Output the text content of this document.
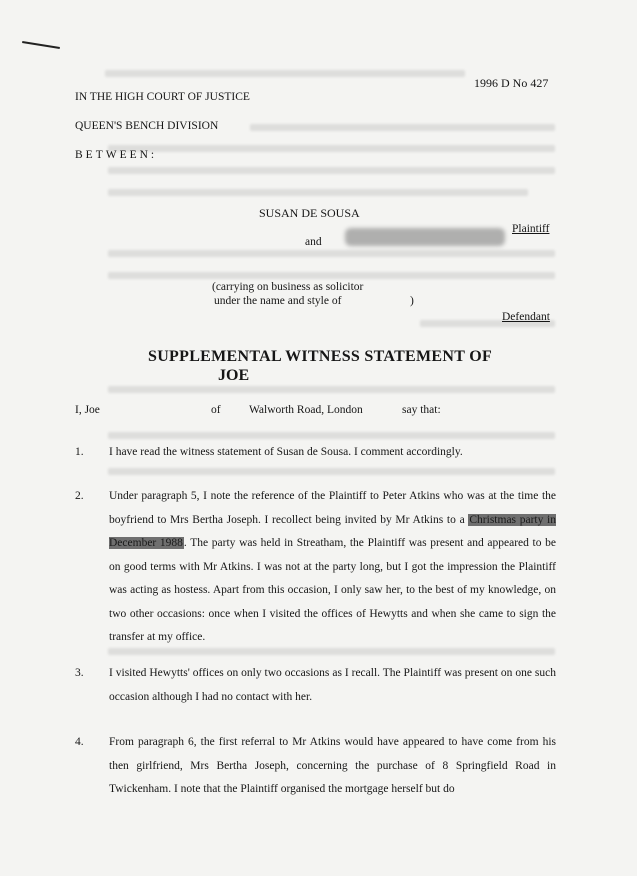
1996 D No 427
IN THE HIGH COURT OF JUSTICE
QUEEN'S BENCH DIVISION
BETWEEN:
SUSAN DE SOUSA
Plaintiff
and
(carrying on business as solicitor
under the name and style of	)
Defendant
SUPPLEMENTAL WITNESS STATEMENT OF
JOE
I, Joe	of Walworth Road, London	say that:
1. I have read the witness statement of Susan de Sousa. I comment accordingly.
2. Under paragraph 5, I note the reference of the Plaintiff to Peter Atkins who was at the time the boyfriend to Mrs Bertha Joseph. I recollect being invited by Mr Atkins to a Christmas party in December 1988. The party was held in Streatham, the Plaintiff was present and appeared to be on good terms with Mr Atkins. I was not at the party long, but I got the impression the Plaintiff was acting as hostess. Apart from this occasion, I only saw her, to the best of my knowledge, on two other occasions: once when I visited the offices of Hewytts and when she came to sign the transfer at my office.
3. I visited Hewytts' offices on only two occasions as I recall. The Plaintiff was present on one such occasion although I had no contact with her.
4. From paragraph 6, the first referral to Mr Atkins would have appeared to have come from his then girlfriend, Mrs Bertha Joseph, concerning the purchase of 8 Springfield Road in Twickenham. I note that the Plaintiff organised the mortgage herself but do
